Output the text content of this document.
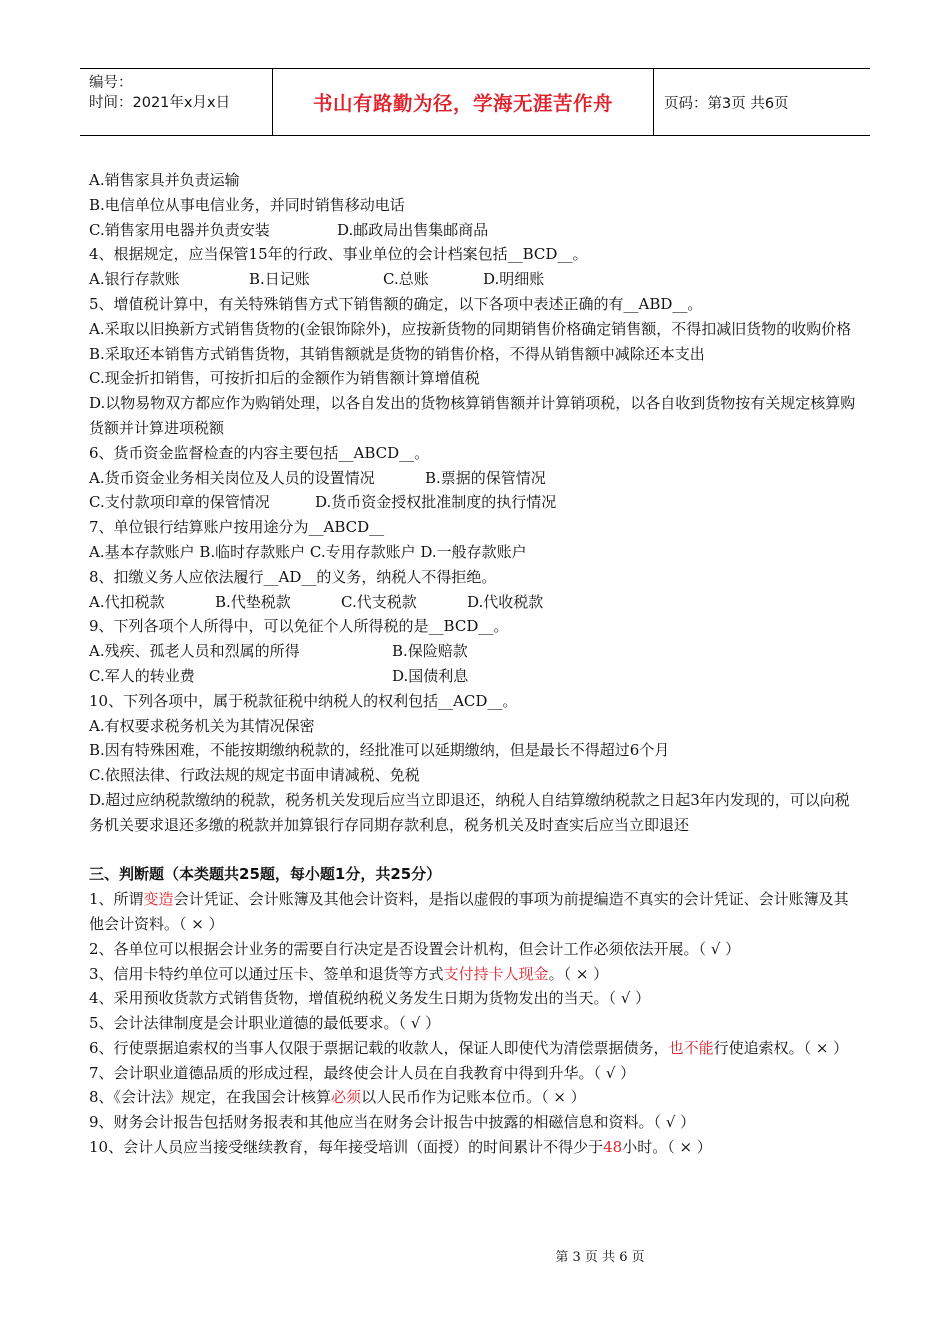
编号：
时间：2021年x月x日	书山有路勤为径，学海无涯苦作舟	页码：第3页 共6页
A.销售家具并负责运输
B.电信单位从事电信业务，并同时销售移动电话
C.销售家用电器并负责安装	D.邮政局出售集邮商品
4、根据规定，应当保管15年的行政、事业单位的会计档案包括__BCD__。
A.银行存款账	B.日记账	C.总账	D.明细账
5、增值税计算中，有关特殊销售方式下销售额的确定，以下各项中表述正确的有__ABD__。
A.采取以旧换新方式销售货物的(金银饰除外)，应按新货物的同期销售价格确定销售额，不得扣减旧货物的收购价格
B.采取还本销售方式销售货物，其销售额就是货物的销售价格，不得从销售额中减除还本支出
C.现金折扣销售，可按折扣后的金额作为销售额计算增值税
D.以物易物双方都应作为购销处理，以各自发出的货物核算销售额并计算销项税，以各自收到货物按有关规定核算购货额并计算进项税额
6、货币资金监督检查的内容主要包括__ABCD__。
A.货币资金业务相关岗位及人员的设置情况	B.票据的保管情况
C.支付款项印章的保管情况	D.货币资金授权批准制度的执行情况
7、单位银行结算账户按用途分为__ABCD__
A.基本存款账户 B.临时存款账户 C.专用存款账户 D.一般存款账户
8、扣缴义务人应依法履行__AD__的义务，纳税人不得拒绝。
A.代扣税款	B.代垫税款	C.代支税款	D.代收税款
9、下列各项个人所得中，可以免征个人所得税的是__BCD__。
A.残疾、孤老人员和烈属的所得	B.保险赔款
C.军人的转业费	D.国债利息
10、下列各项中，属于税款征税中纳税人的权利包括__ACD__。
A.有权要求税务机关为其情况保密
B.因有特殊困难，不能按期缴纳税款的，经批准可以延期缴纳，但是最长不得超过6个月
C.依照法律、行政法规的规定书面申请减税、免税
D.超过应纳税款缴纳的税款，税务机关发现后应当立即退还，纳税人自结算缴纳税款之日起3年内发现的，可以向税务机关要求退还多缴的税款并加算银行存同期存款利息，税务机关及时查实后应当立即退还
三、判断题（本类题共25题，每小题1分，共25分）
1、所谓变造会计凭证、会计账簿及其他会计资料，是指以虚假的事项为前提编造不真实的会计凭证、会计账簿及其他会计资料。（ × ）
2、各单位可以根据会计业务的需要自行决定是否设置会计机构，但会计工作必须依法开展。（ √ ）
3、信用卡特约单位可以通过压卡、签单和退货等方式支付持卡人现金。（ × ）
4、采用预收货款方式销售货物，增值税纳税义务发生日期为货物发出的当天。（ √ ）
5、会计法律制度是会计职业道德的最低要求。（ √ ）
6、行使票据追索权的当事人仅限于票据记载的收款人，保证人即使代为清偿票据债务，也不能行使追索权。（ × ）
7、会计职业道德品质的形成过程，最终使会计人员在自我教育中得到升华。（ √ ）
8、《会计法》规定，在我国会计核算必须以人民币作为记账本位币。（ × ）
9、财务会计报告包括财务报表和其他应当在财务会计报告中披露的相磁信息和资料。（ √ ）
10、会计人员应当接受继续教育，每年接受培训（面授）的时间累计不得少于48小时。（ × ）
第 3 页 共 6 页
